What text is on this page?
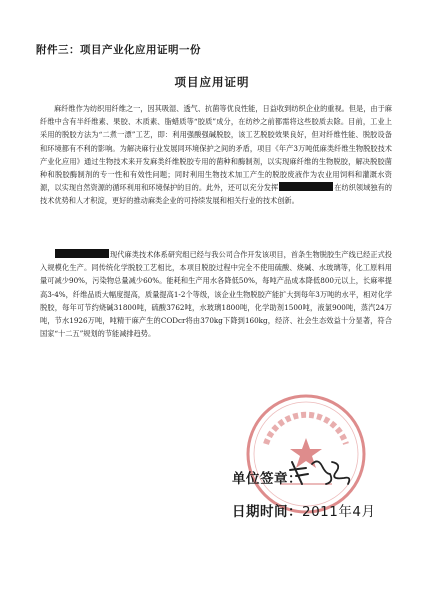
附件三：项目产业化应用证明一份
项目应用证明
麻纤维作为纺织用纤维之一，因其吸湿、透气、抗菌等优良性能，日益收到纺织企业的重视。但是，由于麻纤维中含有半纤维素、果胶、木质素、脂蜡质等“胶质”成分，在纺纱之前都需将这些胶质去除。目前，工业上采用的脱胶方法为“二煮一漂”工艺，即：利用强酸强碱脱胶，该工艺脱胶效果良好，但对纤维性能、脱胶设备和环境都有不利的影响。为解决麻行业发展同环境保护之间的矛盾，项目《年产3万吨低麻类纤维生物脱胶技术产业化应用》通过生物技术来开发麻类纤维脱胶专用的菌种和酶制剂，以实现麻纤维的生物脱胶，解决脱胶菌种和脱胶酶制剂的专一性和有效性问题；同时利用生物技术加工产生的脱胶废液作为农业用饲料和灌溉水资源，以实现自然资源的循环利用和环境保护的目的。此外，还可以充分发挥	在纺织领域独有的技术优势和人才积淀，更好的推动麻类企业的可持续发展和相关行业的技术创新。
现代麻类技术体系研究组已经与我公司合作开发该项目，首条生物脱胶生产线已经正式投入规模化生产。同传统化学脱胶工艺相比，本项目脱胶过程中完全不使用硫酸、烧碱、水玻璃等，化工原料用量可减少90%，污染物总量减少60%。能耗和生产用水各降低50%，每吨产品成本降低800元以上，长麻率提高3-4%，纤维品质大幅度提高，质量提高1-2个等级，该企业生物脱胶产能扩大到每年3万吨的水平，相对化学脱胶，每年可节约烧碱31800吨，硫酸3762吨，水玻璃1800吨，化学助剂1500吨，液氯900吨，蒸汽24万吨，节水1926万吨，吨精干麻产生的CODcr将由370kg下降到160kg，经济、社会生态效益十分显著，符合国家“十二五”规划的节能减排趋势。
单位签章：
日期时间：2011年4月
